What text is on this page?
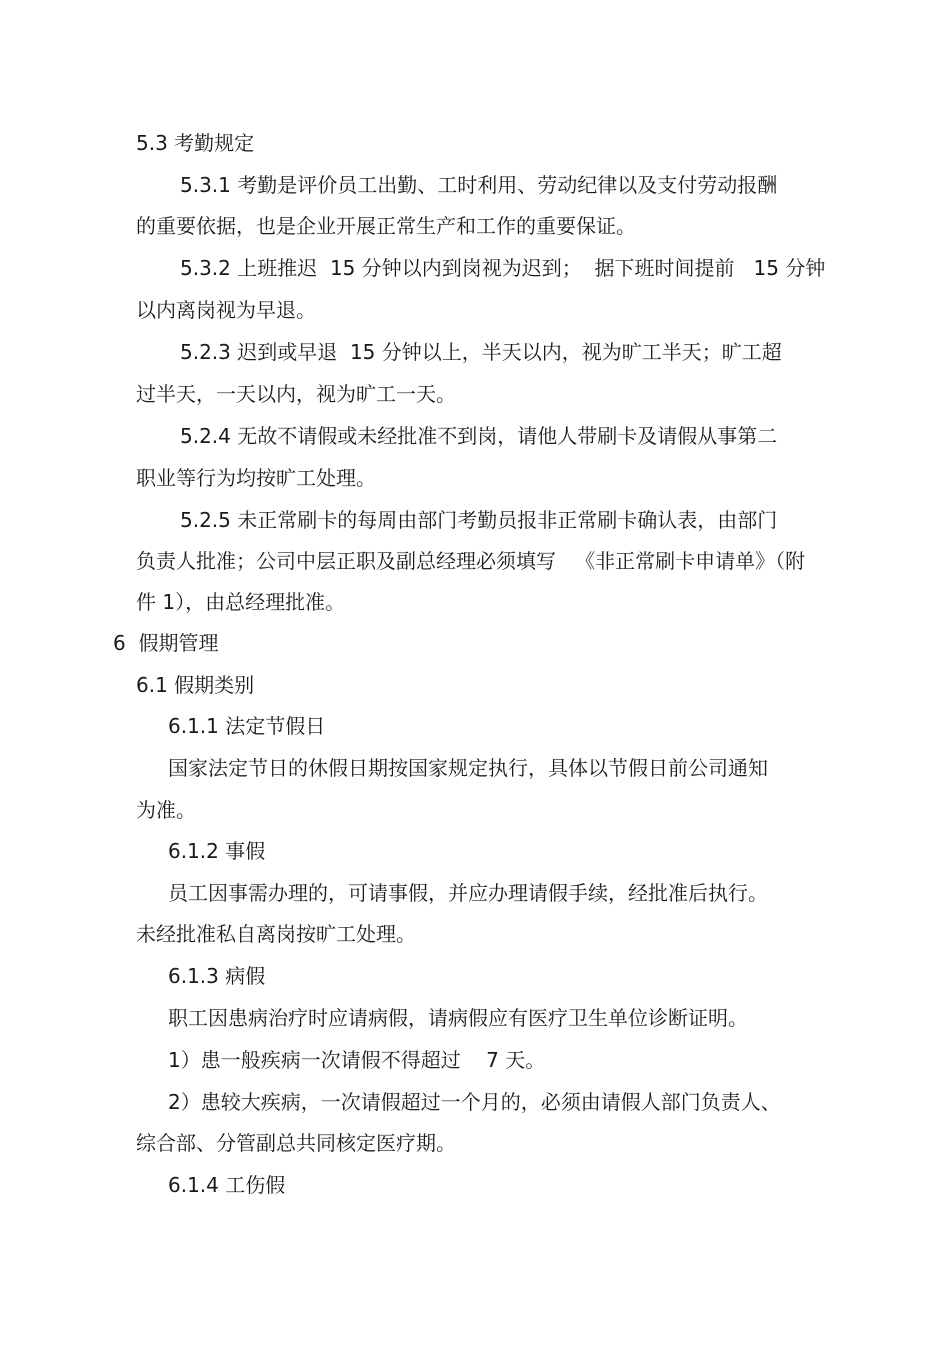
5.3 考勤规定
5.3.1 考勤是评价员工出勤、工时利用、劳动纪律以及支付劳动报酬
的重要依据，也是企业开展正常生产和工作的重要保证。
5.3.2 上班推迟  15 分钟以内到岗视为迟到；  据下班时间提前   15 分钟
以内离岗视为早退。
5.2.3 迟到或早退  15 分钟以上，半天以内，视为旷工半天；旷工超
过半天，一天以内，视为旷工一天。
5.2.4 无故不请假或未经批准不到岗，请他人带刷卡及请假从事第二
职业等行为均按旷工处理。
5.2.5 未正常刷卡的每周由部门考勤员报非正常刷卡确认表，由部门
负责人批准；公司中层正职及副总经理必须填写   《非正常刷卡申请单》（附
件 1），由总经理批准。
6  假期管理
6.1 假期类别
6.1.1 法定节假日
国家法定节日的休假日期按国家规定执行，具体以节假日前公司通知
为准。
6.1.2 事假
员工因事需办理的，可请事假，并应办理请假手续，经批准后执行。
未经批准私自离岗按旷工处理。
6.1.3 病假
职工因患病治疗时应请病假，请病假应有医疗卫生单位诊断证明。
1）患一般疾病一次请假不得超过    7 天。
2）患较大疾病，一次请假超过一个月的，必须由请假人部门负责人、
综合部、分管副总共同核定医疗期。
6.1.4 工伤假
